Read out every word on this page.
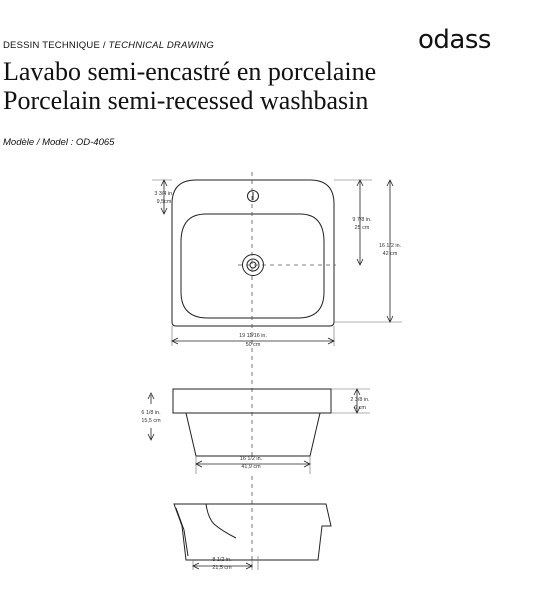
DESSIN TECHNIQUE / TECHNICAL DRAWING	odass
Lavabo semi-encastré en porcelaine
Porcelain semi-recessed washbasin
Modèle / Model : OD-4065
3 3/4 in.
9,5cm
9 7/8 in.
25 cm
16 1/2 in.
42 cm
19 11/16 in.
50 cm
2 3/8 in.
6 cm
6 1/8 in.
15,5 cm
16 1/2 in.
41,9 cm
8 1/2 in.
21,5 cm
